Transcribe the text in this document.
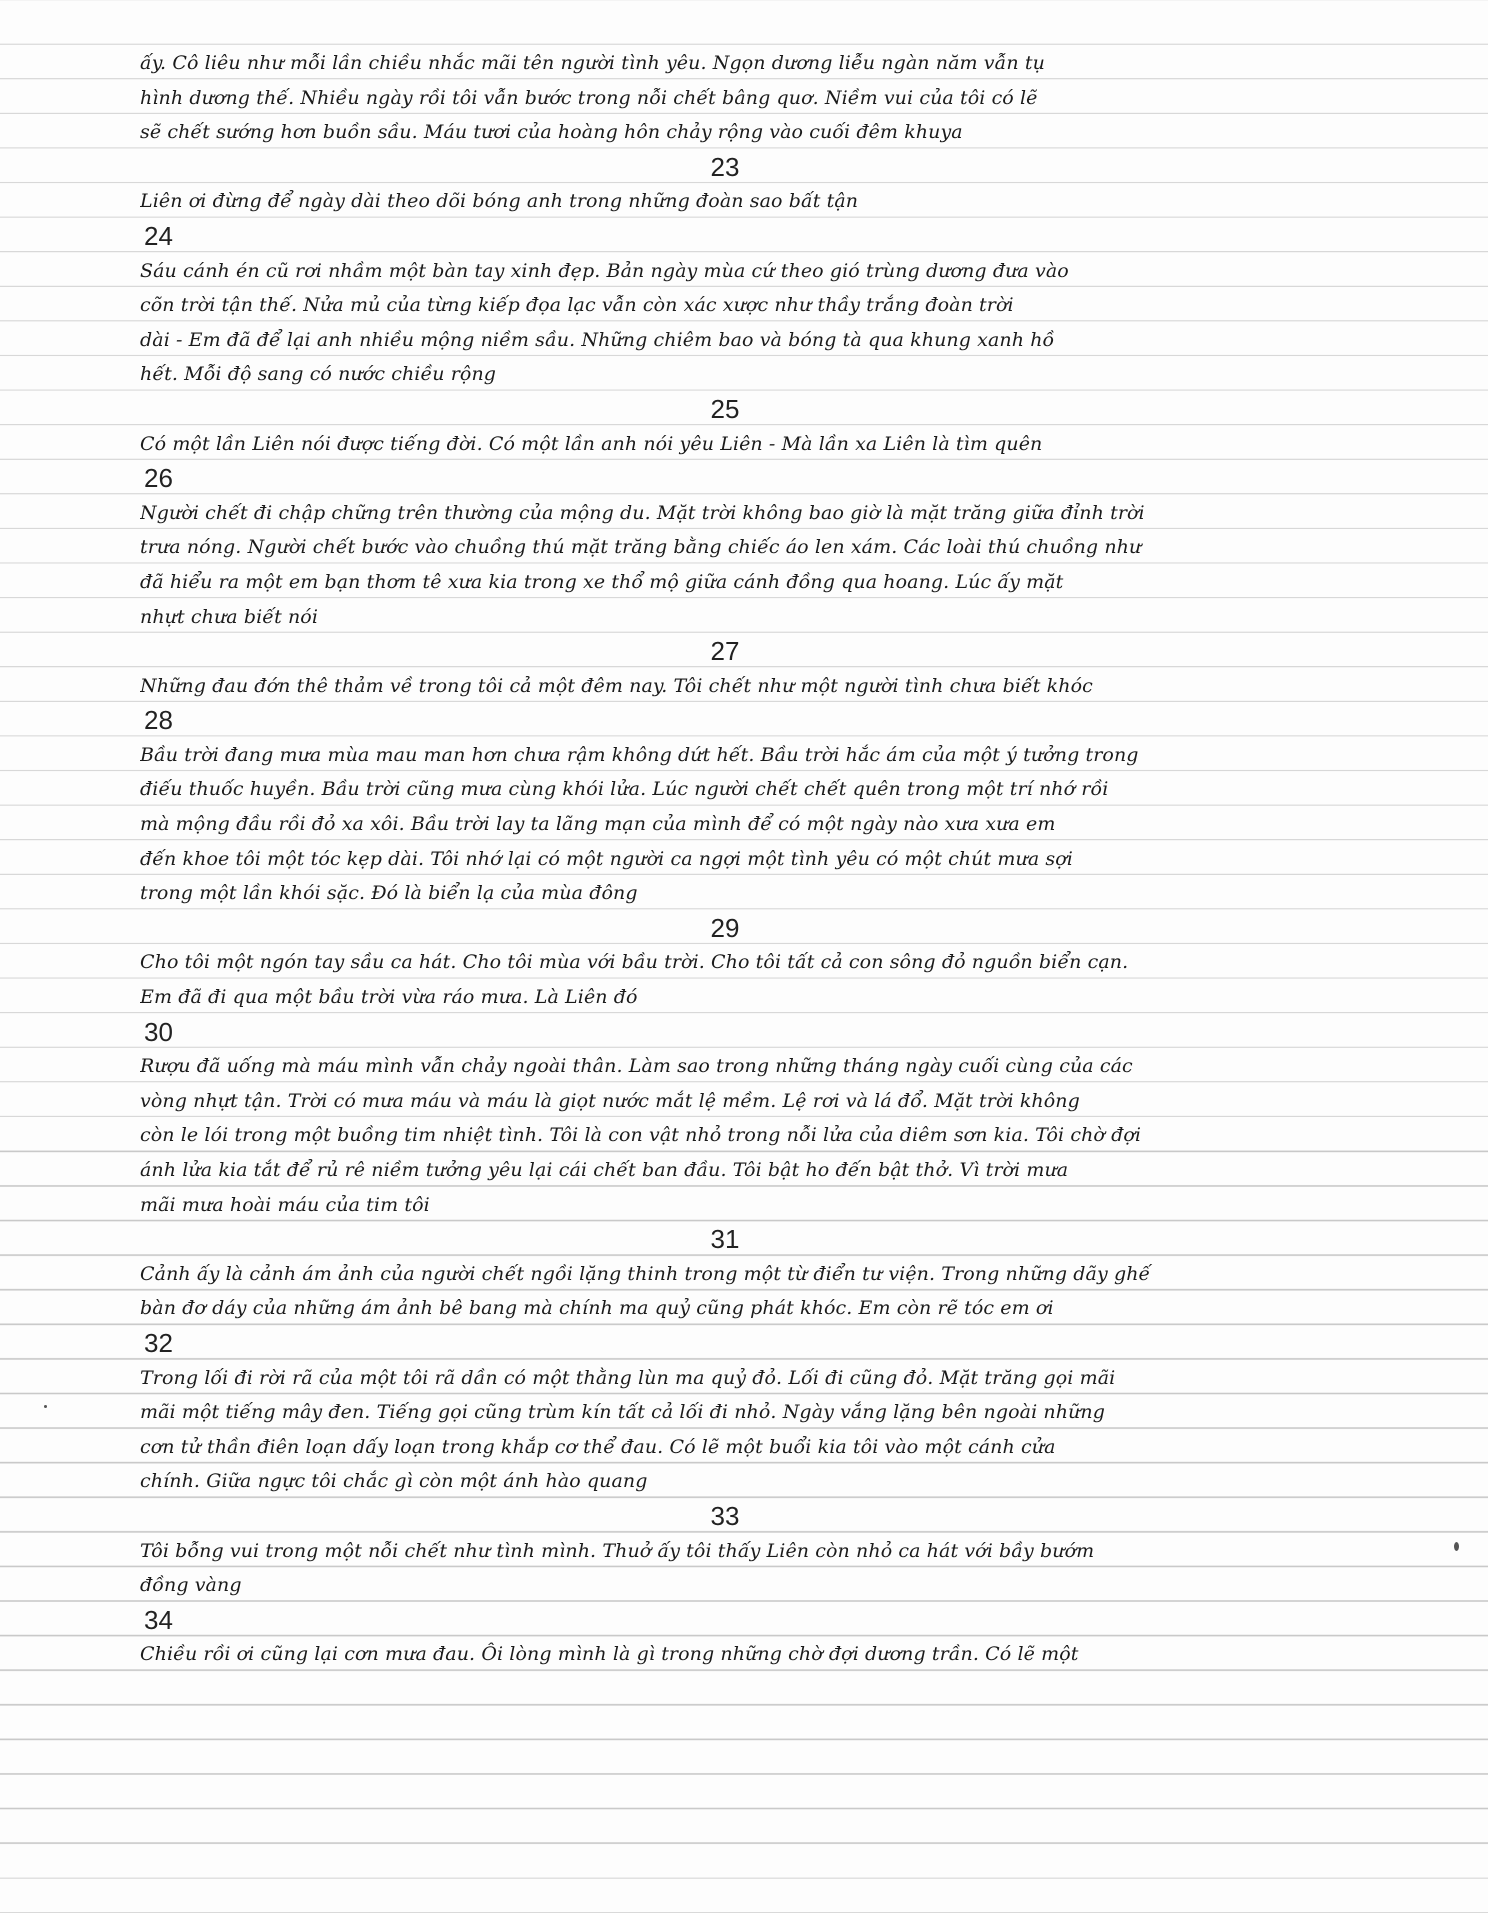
ấy. Cô liêu như mỗi lần chiều nhắc mãi tên người tình yêu. Ngọn dương liễu ngàn năm vẫn tụ
hình dương thế. Nhiều ngày rồi tôi vẫn bước trong nỗi chết bâng quơ. Niềm vui của tôi có lẽ
sẽ chết sướng hơn buồn sầu. Máu tươi của hoàng hôn chảy rộng vào cuối đêm khuya
23
Liên ơi đừng để ngày dài theo dõi bóng anh trong những đoàn sao bất tận
24
Sáu cánh én cũ rơi nhầm một bàn tay xinh đẹp. Bản ngày mùa cứ theo gió trùng dương đưa vào
cõn trời tận thế. Nửa mủ của từng kiếp đọa lạc vẫn còn xác xược như thầy trắng đoàn trời
dài - Em đã để lại anh nhiều mộng niềm sầu. Những chiêm bao và bóng tà qua khung xanh hồ
hết. Mỗi độ sang có nước chiều rộng
25
Có một lần Liên nói được tiếng đời. Có một lần anh nói yêu Liên - Mà lần xa Liên là tìm quên
26
Người chết đi chập chững trên thường của mộng du. Mặt trời không bao giờ là mặt trăng giữa đỉnh trời
trưa nóng. Người chết bước vào chuồng thú mặt trăng bằng chiếc áo len xám. Các loài thú chuồng như
đã hiểu ra một em bạn thơm tê xưa kia trong xe thổ mộ giữa cánh đồng qua hoang. Lúc ấy mặt
nhựt chưa biết nói
27
Những đau đớn thê thảm về trong tôi cả một đêm nay. Tôi chết như một người tình chưa biết khóc
28
Bầu trời đang mưa mùa mau man hơn chưa rậm không dứt hết. Bầu trời hắc ám của một ý tưởng trong
điếu thuốc huyền. Bầu trời cũng mưa cùng khói lửa. Lúc người chết chết quên trong một trí nhớ rồi
mà mộng đầu rồi đỏ xa xôi. Bầu trời lay ta lãng mạn của mình để có một ngày nào xưa xưa em
đến khoe tôi một tóc kẹp dài. Tôi nhớ lại có một người ca ngợi một tình yêu có một chút mưa sợi
trong một lần khói sặc. Đó là biển lạ của mùa đông
29
Cho tôi một ngón tay sầu ca hát. Cho tôi mùa với bầu trời. Cho tôi tất cả con sông đỏ nguồn biển cạn.
Em đã đi qua một bầu trời vừa ráo mưa. Là Liên đó
30
Rượu đã uống mà máu mình vẫn chảy ngoài thân. Làm sao trong những tháng ngày cuối cùng của các
vòng nhựt tận. Trời có mưa máu và máu là giọt nước mắt lệ mềm. Lệ rơi và lá đổ. Mặt trời không
còn le lói trong một buồng tim nhiệt tình. Tôi là con vật nhỏ trong nỗi lửa của diêm sơn kia. Tôi chờ đợi
ánh lửa kia tắt để rủ rê niềm tưởng yêu lại cái chết ban đầu. Tôi bật ho đến bật thở. Vì trời mưa
mãi mưa hoài máu của tim tôi
31
Cảnh ấy là cảnh ám ảnh của người chết ngồi lặng thinh trong một từ điển tư viện. Trong những dãy ghế
bàn đơ dáy của những ám ảnh bê bang mà chính ma quỷ cũng phát khóc. Em còn rẽ tóc em ơi
32
Trong lối đi rời rã của một tôi rã dần có một thằng lùn ma quỷ đỏ. Lối đi cũng đỏ. Mặt trăng gọi mãi
mãi một tiếng mây đen. Tiếng gọi cũng trùm kín tất cả lối đi nhỏ. Ngày vắng lặng bên ngoài những
cơn tử thần điên loạn dấy loạn trong khắp cơ thể đau. Có lẽ một buổi kia tôi vào một cánh cửa
chính. Giữa ngực tôi chắc gì còn một ánh hào quang
33
Tôi bỗng vui trong một nỗi chết như tình mình. Thuở ấy tôi thấy Liên còn nhỏ ca hát với bầy bướm
đồng vàng
34
Chiều rồi ơi cũng lại cơn mưa đau. Ôi lòng mình là gì trong những chờ đợi dương trần. Có lẽ một
